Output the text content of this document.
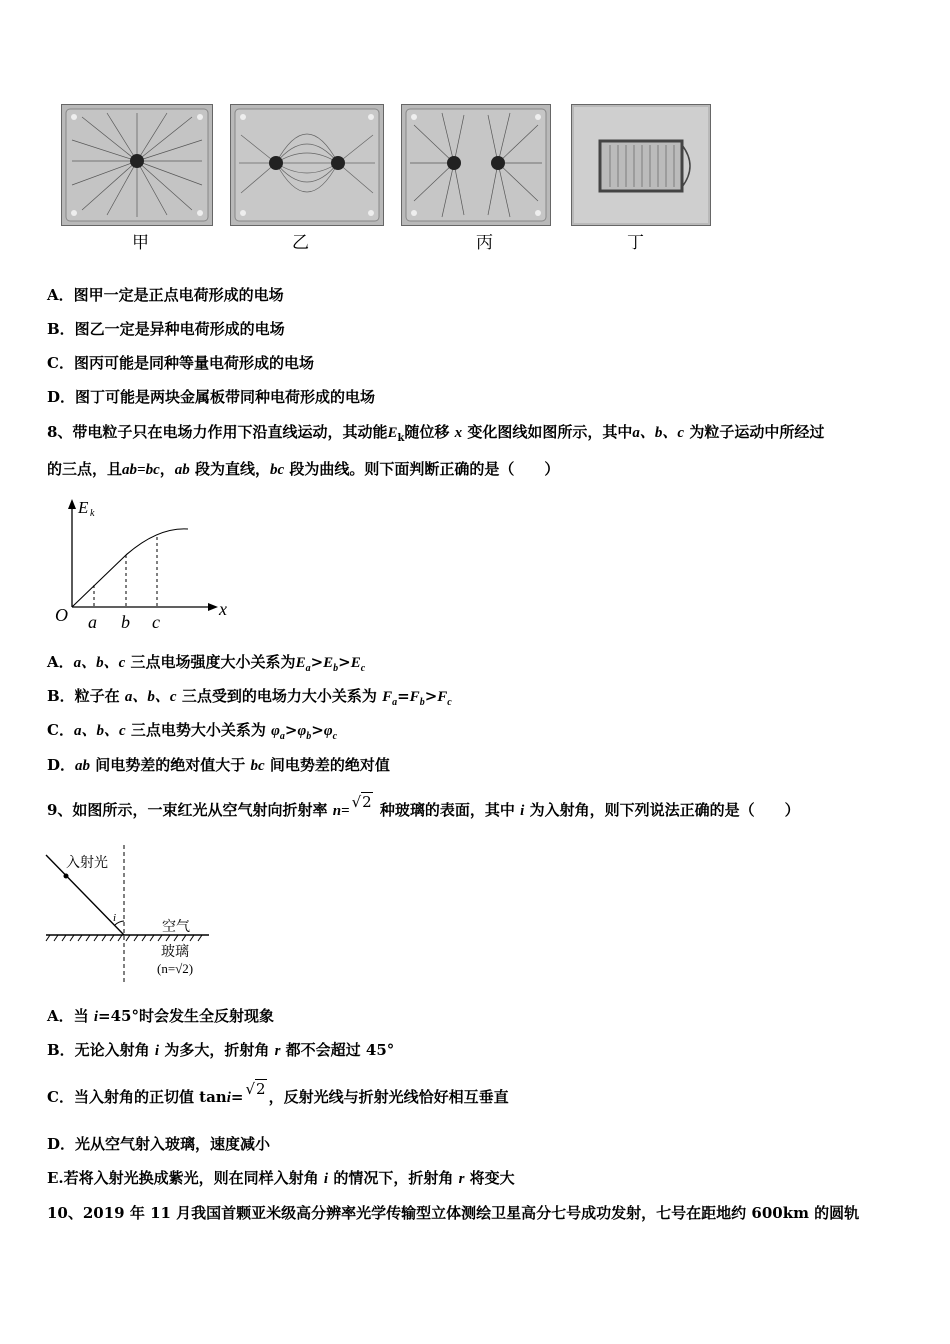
甲	乙	丙	丁
A．图甲一定是正点电荷形成的电场
B．图乙一定是异种电荷形成的电场
C．图丙可能是同种等量电荷形成的电场
D．图丁可能是两块金属板带同种电荷形成的电场
8、带电粒子只在电场力作用下沿直线运动，其动能$E_k$随位移 x 变化图线如图所示，其中a、b、c 为粒子运动中所经过
的三点，且ab=bc，ab 段为直线，bc 段为曲线。则下面判断正确的是（　　）
E k
x
O a b c
A．a、b、c 三点电场强度大小关系为$E_a>E_b>E_c$
B．粒子在 a、b、c 三点受到的电场力大小关系为 $F_a=F_b>F_c$
C．a、b、c 三点电势大小关系为 $\varphi_a>\varphi_b>\varphi_c$
D．ab 间电势差的绝对值大于 bc 间电势差的绝对值
9、如图所示，一束红光从空气射向折射率 n= √2 种玻璃的表面，其中 i 为入射角，则下列说法正确的是（　　）
入射光
i
空气
玻璃
(n=√2)
A．当 i=45°时会发生全反射现象
B．无论入射角 i 为多大，折射角 r 都不会超过 45°
C．当入射角的正切值 tani= √2 ，反射光线与折射光线恰好相互垂直
D．光从空气射入玻璃，速度减小
E.若将入射光换成紫光，则在同样入射角 i 的情况下，折射角 r 将变大
10、2019 年 11 月我国首颗亚米级高分辨率光学传输型立体测绘卫星高分七号成功发射，七号在距地约 600km 的圆轨
